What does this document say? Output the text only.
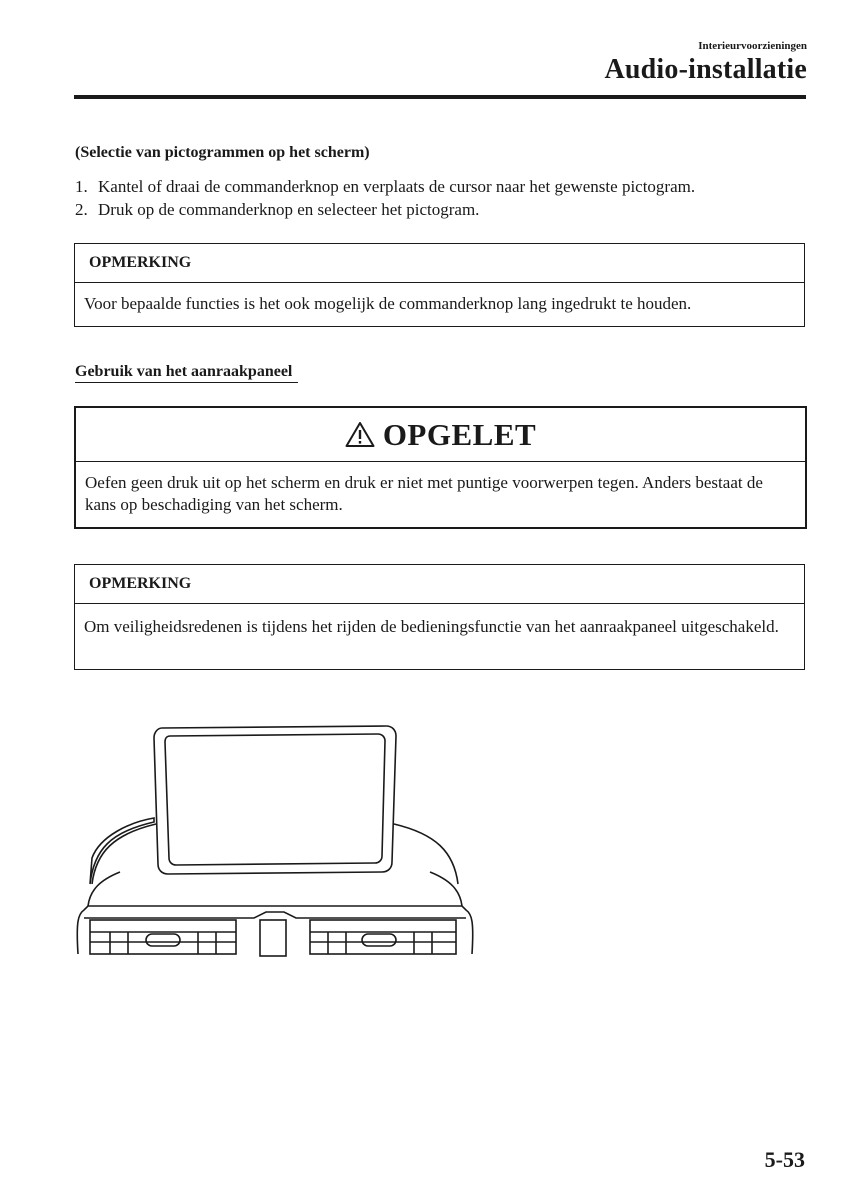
Interieurvoorzieningen
Audio-installatie
(Selectie van pictogrammen op het scherm)
1. Kantel of draai de commanderknop en verplaats de cursor naar het gewenste pictogram.
2. Druk op de commanderknop en selecteer het pictogram.
OPMERKING
Voor bepaalde functies is het ook mogelijk de commanderknop lang ingedrukt te houden.
Gebruik van het aanraakpaneel
OPGELET
Oefen geen druk uit op het scherm en druk er niet met puntige voorwerpen tegen. Anders bestaat de kans op beschadiging van het scherm.
OPMERKING
Om veiligheidsredenen is tijdens het rijden de bedieningsfunctie van het aanraakpaneel uitgeschakeld.
5-53
